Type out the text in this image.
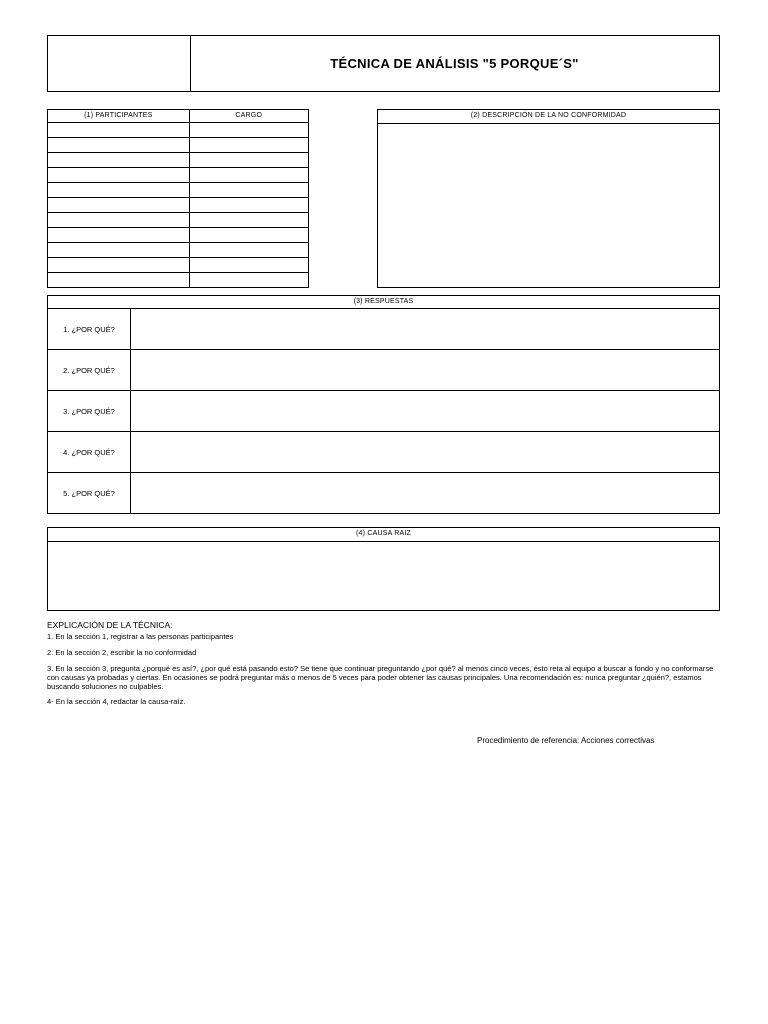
TÉCNICA DE ANÁLISIS "5 PORQUE´S"
(1) PARTICIPANTES	CARGO

		(2) DESCRIPCIÓN DE LA NO CONFORMIDAD
(3) RESPUESTAS	
1. ¿POR QUÉ?	
2. ¿POR QUÉ?	
3. ¿POR QUÉ?	
4. ¿POR QUÉ?	
5. ¿POR QUÉ?	
(4) CAUSA RAIZ
EXPLICACIÓN DE LA TÉCNICA:
1. En la sección 1, registrar a las personas participantes
2. En la sección 2, escribir la no conformidad
3. En la sección 3, pregunta ¿porqué es así?, ¿por qué está pasando esto? Se tiene que continuar preguntando ¿por qué? al menos cinco veces, ésto reta al equipo a buscar a fondo y no conformarse con causas ya probadas y ciertas. En ocasiones se podrá preguntar más o menos de 5 veces para poder obtener las causas principales. Una recomendación es: nunca preguntar ¿quién?, estamos buscando soluciones no culpables.
4- En la sección 4, redactar la causa-raíz.
Procedimiento de referencia: Acciones correctivas
